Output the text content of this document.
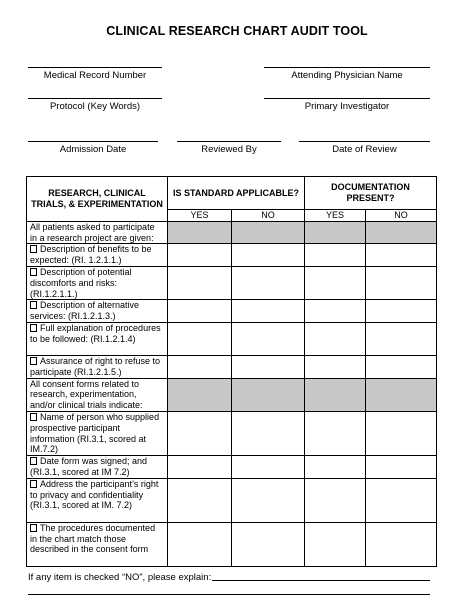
CLINICAL RESEARCH CHART AUDIT TOOL
Medical Record Number	Attending Physician Name
Protocol (Key Words)	Primary Investigator
Admission Date	Reviewed By	Date of Review
RESEARCH, CLINICAL TRIALS, & EXPERIMENTATION	IS STANDARD APPLICABLE?		DOCUMENTATION PRESENT?	
	YES	NO	YES	NO
All patients asked to participate in a research project are given:				
Description of benefits to be expected: (RI. 1.2.1.1.)				
Description of potential discomforts and risks: (RI.1.2.1.1.)				
Description of alternative services: (RI.1.2.1.3.)				
Full explanation of procedures to be followed: (RI.1.2.1.4)				
Assurance of right to refuse to participate (RI.1.2.1.5.)				
All consent forms related to research, experimentation, and/or clinical trials indicate:				
Name of person who supplied prospective participant information (RI.3.1, scored at IM.7.2)				
Date form was signed; and (RI.3.1, scored at IM 7.2)				
Address the participant’s right to privacy and confidentiality (RI.3.1, scored at IM. 7.2)				
The procedures documented in the chart match those described in the consent form				
If any item is checked “NO”, please explain:
